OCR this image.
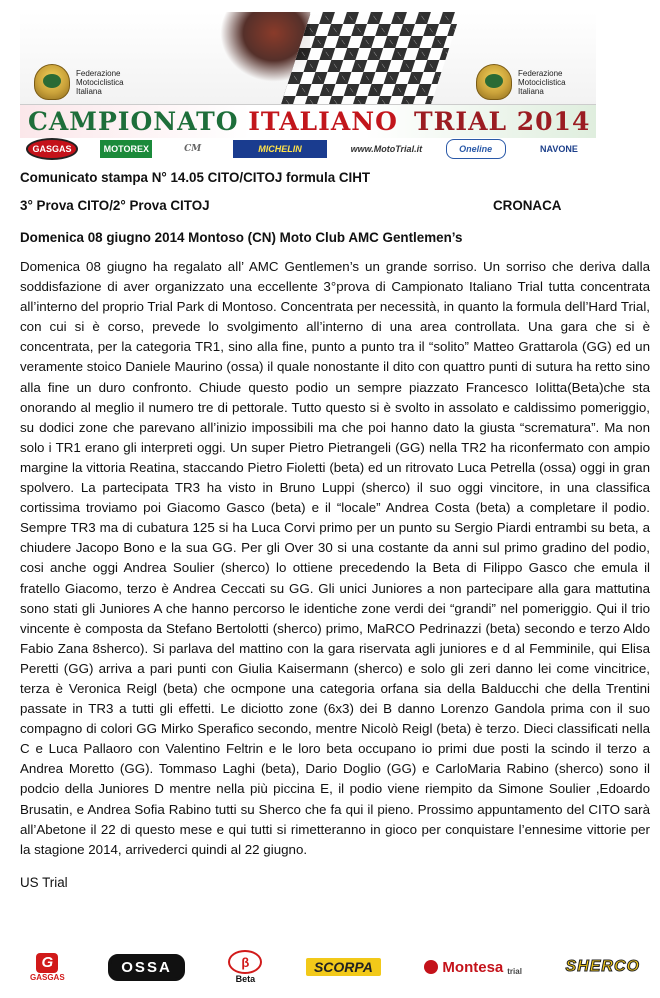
Federazione
Motociclistica
Italiana
Federazione
Motociclistica
Italiana
CAMPIONATO ITALIANO TRIAL 2014
GASGAS	MOTOREX	CM	MICHELIN	www.MotoTrial.it	Oneline	NAVONE
Comunicato stampa N° 14.05 CITO/CITOJ formula CIHT
3° Prova CITO/2° Prova CITOJ	CRONACA
Domenica 08 giugno 2014 Montoso (CN) Moto Club AMC Gentlemen’s
Domenica 08 giugno ha regalato all’ AMC Gentlemen’s un grande sorriso. Un sorriso che deriva dalla soddisfazione di aver organizzato una eccellente 3°prova di Campionato Italiano Trial tutta concentrata all’interno del proprio Trial Park di Montoso. Concentrata per necessità, in quanto la formula dell’Hard Trial, con cui si è corso, prevede lo svolgimento all’interno di una area controllata. Una gara che si è concentrata, per la categoria TR1, sino alla fine, punto a punto tra il “solito” Matteo Grattarola (GG) ed un veramente stoico Daniele Maurino (ossa) il quale nonostante il dito con quattro punti di sutura ha retto sino alla fine un duro confronto. Chiude questo podio un sempre piazzato Francesco Iolitta(Beta)che sta onorando al meglio il numero tre di pettorale. Tutto questo si è svolto in assolato e caldissimo pomeriggio, su dodici zone che parevano all’inizio impossibili ma che poi hanno dato la giusta “scrematura”. Ma non solo i TR1 erano gli interpreti oggi. Un super Pietro Pietrangeli (GG) nella TR2 ha riconfermato con ampio margine la vittoria Reatina, staccando Pietro Fioletti (beta) ed un ritrovato Luca Petrella (ossa) oggi in gran spolvero. La partecipata TR3 ha visto in Bruno Luppi (sherco) il suo oggi vincitore, in una classifica cortissima troviamo poi Giacomo Gasco (beta) e il “locale” Andrea Costa (beta) a completare il podio. Sempre TR3 ma di cubatura 125 si ha Luca Corvi primo per un punto su Sergio Piardi entrambi su beta, a chiudere Jacopo Bono e la sua GG. Per gli Over 30 si una costante da anni sul primo gradino del podio, cosi anche oggi Andrea Soulier (sherco) lo ottiene precedendo la Beta di Filippo Gasco che emula il fratello Giacomo, terzo è Andrea Ceccati su GG. Gli unici Juniores a non partecipare alla gara mattutina sono stati gli Juniores A che hanno percorso le identiche zone verdi dei “grandi” nel pomeriggio. Qui il trio vincente è composta da Stefano Bertolotti (sherco) primo, MaRCO Pedrinazzi (beta) secondo e terzo Aldo Fabio Zana 8sherco). Si parlava del mattino con la gara riservata agli juniores e d al Femminile, qui Elisa Peretti (GG) arriva a pari punti con Giulia Kaisermann (sherco) e solo gli zeri danno lei come vincitrice, terza è Veronica Reigl (beta) che ocmpone una categoria orfana sia della Balducchi che della Trentini passate in TR3 a tutti gli effetti. Le diciotto zone (6x3) dei B danno Lorenzo Gandola prima con il suo compagno di colori GG Mirko Sperafico secondo, mentre Nicolò Reigl (beta) è terzo. Dieci classificati nella C e Luca Pallaoro con Valentino Feltrin e le loro beta occupano io primi due posti la scindo il terzo a Andrea Moretto (GG). Tommaso Laghi (beta), Dario Doglio (GG) e CarloMaria Rabino (sherco) sono il podcio della Juniores D mentre nella più piccina E, il podio viene riempito da Simone Soulier ,Edoardo Brusatin, e Andrea Sofia Rabino tutti su Sherco che fa qui il pieno. Prossimo appuntamento del CITO sarà all’Abetone il 22 di questo mese e qui tutti si rimetteranno in gioco per conquistare l’ennesime vittorie per la stagione 2014, arrivederci quindi al 22 giugno.
US Trial
G
GASGAS
OSSA	β
Beta
SCORPA	Montesa trial	SHERCO
